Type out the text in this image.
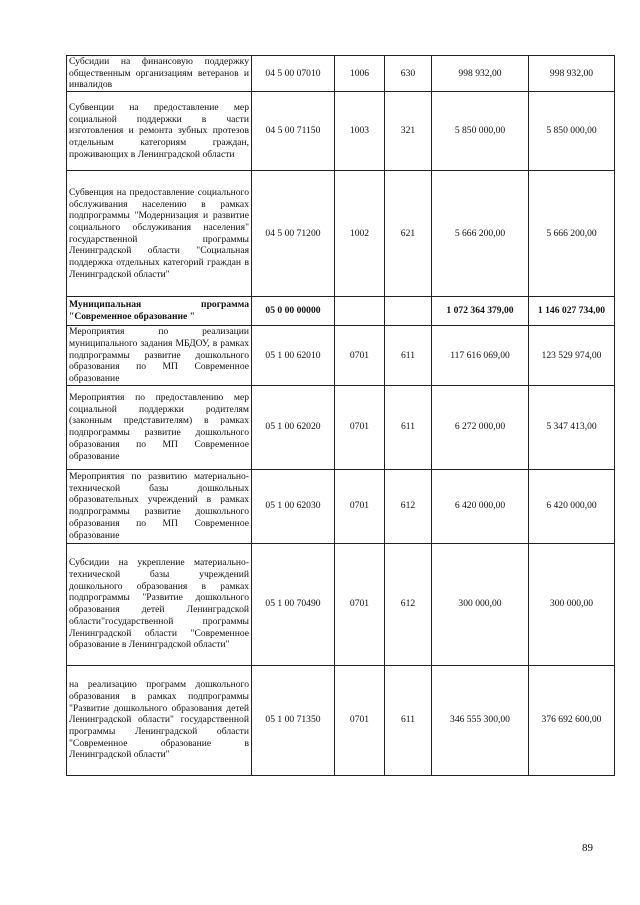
Субсидии на финансовую поддержку общественным организациям ветеранов и инвалидов	04 5 00 07010	1006	630	998 932,00	998 932,00
Субвенции на предоставление мер социальной поддержки в части изготовления и ремонта зубных протезов отдельным категориям граждан, проживающих в Ленинградской области	04 5 00 71150	1003	321	5 850 000,00	5 850 000,00
Субвенция на предоставление социального обслуживания населению в рамках подпрограммы "Модернизация и развитие социального обслуживания населения" государственной программы Ленинградской области "Социальная поддержка отдельных категорий граждан в Ленинградской области"	04 5 00 71200	1002	621	5 666 200,00	5 666 200,00
Муниципальная программа "Современное образование "	05 0 00 00000			1 072 364 379,00	1 146 027 734,00
Мероприятия по реализации муниципального задания МБДОУ, в рамках подпрограммы развитие дошкольного образования по МП Современное образование	05 1 00 62010	0701	611	117 616 069,00	123 529 974,00
Мероприятия по предоставлению мер социальной поддержки родителям (законным представителям) в рамках подпрограммы развитие дошкольного образования по МП Современное образование	05 1 00 62020	0701	611	6 272 000,00	5 347 413,00
Мероприятия по развитию материально-технической базы дошкольных образовательных учреждений в рамках подпрограммы развитие дошкольного образования по МП Современное образование	05 1 00 62030	0701	612	6 420 000,00	6 420 000,00
Субсидии на укрепление материально-технической базы учреждений дошкольного образования в рамках подпрограммы "Развитие дошкольного образования детей Ленинградской области"государственной программы Ленинградской области "Современное образование в Ленинградской области"	05 1 00 70490	0701	612	300 000,00	300 000,00
на реализацию программ дошкольного образования в рамках подпрограммы "Развитие дошкольного образования детей Ленинградской области" государственной программы Ленинградской области "Современное образование в Ленинградской области"	05 1 00 71350	0701	611	346 555 300,00	376 692 600,00
89
